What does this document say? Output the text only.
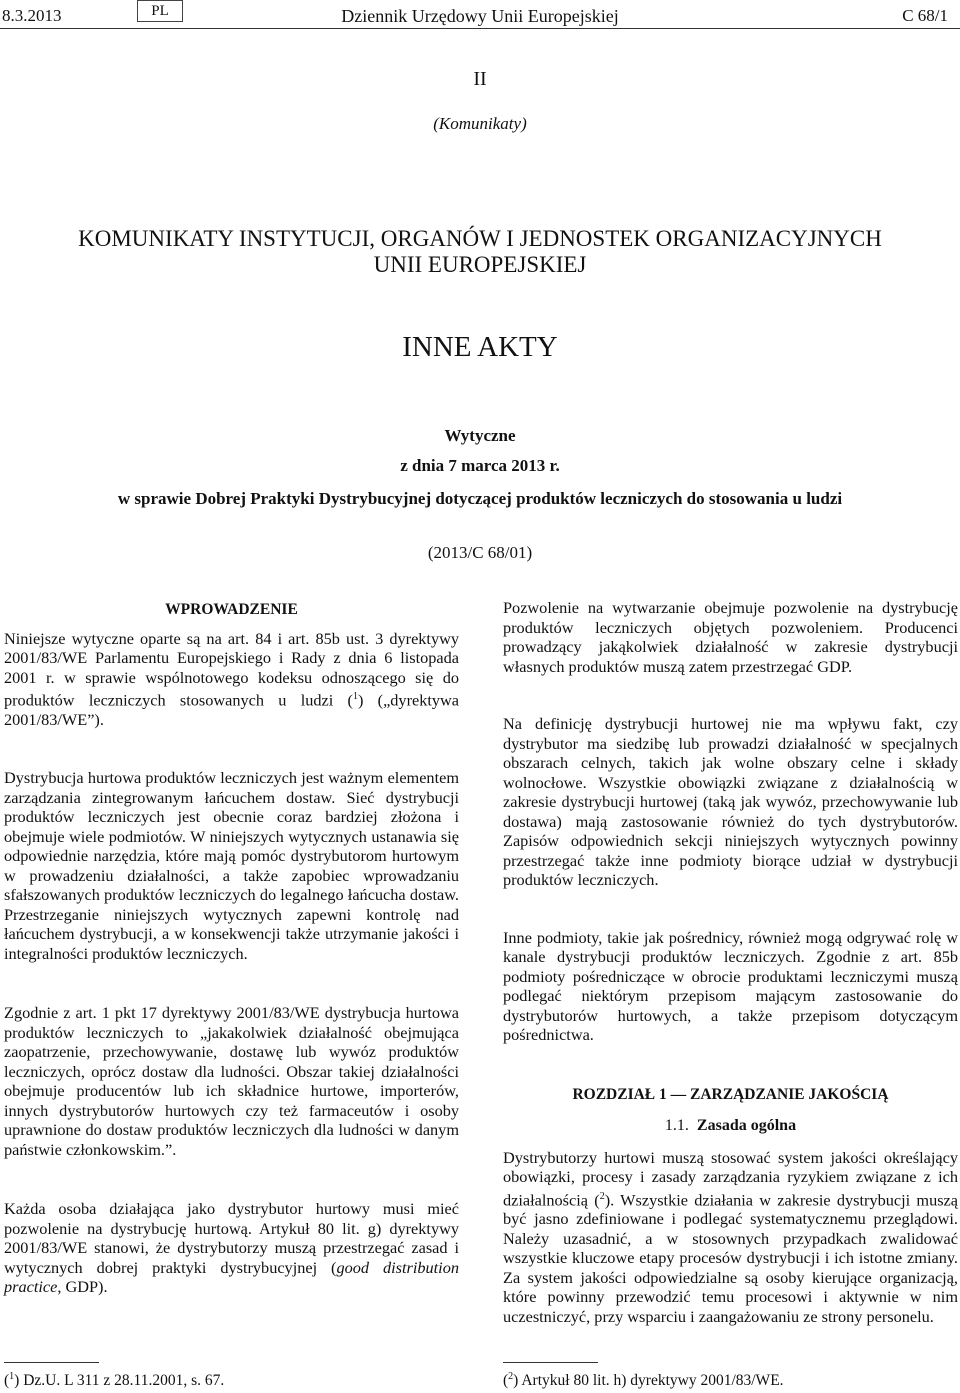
Dziennik Urzędowy Unii Europejskiej
8.3.2013	PL	C 68/1
II
(Komunikaty)
KOMUNIKATY INSTYTUCJI, ORGANÓW I JEDNOSTEK ORGANIZACYJNYCH
UNII EUROPEJSKIEJ
INNE AKTY
Wytyczne
z dnia 7 marca 2013 r.
w sprawie Dobrej Praktyki Dystrybucyjnej dotyczącej produktów leczniczych do stosowania u ludzi
(2013/C 68/01)
WPROWADZENIE

Niniejsze wytyczne oparte są na art. 84 i art. 85b ust. 3 dyrektywy 2001/83/WE Parlamentu Europejskiego i Rady z dnia 6 listopada 2001 r. w sprawie wspólnotowego kodeksu odnoszącego się do produktów leczniczych stosowanych u ludzi ($^1$) („dyrektywa 2001/83/WE”).

Dystrybucja hurtowa produktów leczniczych jest ważnym elementem zarządzania zintegrowanym łańcuchem dostaw. Sieć dystrybucji produktów leczniczych jest obecnie coraz bardziej złożona i obejmuje wiele podmiotów. W niniejszych wytycznych ustanawia się odpowiednie narzędzia, które mają pomóc dystrybutorom hurtowym w prowadzeniu działalności, a także zapobiec wprowadzaniu sfałszowanych produktów leczniczych do legalnego łańcucha dostaw. Przestrzeganie niniejszych wytycznych zapewni kontrolę nad łańcuchem dystrybucji, a w konsekwencji także utrzymanie jakości i integralności produktów leczniczych.

Zgodnie z art. 1 pkt 17 dyrektywy 2001/83/WE dystrybucja hurtowa produktów leczniczych to „jakakolwiek działalność obejmująca zaopatrzenie, przechowywanie, dostawę lub wywóz produktów leczniczych, oprócz dostaw dla ludności. Obszar takiej działalności obejmuje producentów lub ich składnice hurtowe, importerów, innych dystrybutorów hurtowych czy też farmaceutów i osoby uprawnione do dostaw produktów leczniczych dla ludności w danym państwie członkowskim.”.

Każda osoba działająca jako dystrybutor hurtowy musi mieć pozwolenie na dystrybucję hurtową. Artykuł 80 lit. g) dyrektywy 2001/83/WE stanowi, że dystrybutorzy muszą przestrzegać zasad i wytycznych dobrej praktyki dystrybucyjnej (good distribution practice, GDP).

($^1$) Dz.U. L 311 z 28.11.2001, s. 67.

Pozwolenie na wytwarzanie obejmuje pozwolenie na dystrybucję produktów leczniczych objętych pozwoleniem. Producenci prowadzący jakąkolwiek działalność w zakresie dystrybucji własnych produktów muszą zatem przestrzegać GDP.

Na definicję dystrybucji hurtowej nie ma wpływu fakt, czy dystrybutor ma siedzibę lub prowadzi działalność w specjalnych obszarach celnych, takich jak wolne obszary celne i składy wolnocłowe. Wszystkie obowiązki związane z działalnością w zakresie dystrybucji hurtowej (taką jak wywóz, przechowywanie lub dostawa) mają zastosowanie również do tych dystrybutorów. Zapisów odpowiednich sekcji niniejszych wytycznych powinny przestrzegać także inne podmioty biorące udział w dystrybucji produktów leczniczych.

Inne podmioty, takie jak pośrednicy, również mogą odgrywać rolę w kanale dystrybucji produktów leczniczych. Zgodnie z art. 85b podmioty pośredniczące w obrocie produktami leczniczymi muszą podlegać niektórym przepisom mającym zastosowanie do dystrybutorów hurtowych, a także przepisom dotyczącym pośrednictwa.

ROZDZIAŁ 1 — ZARZĄDZANIE JAKOŚCIĄ
1.1. Zasada ogólna

Dystrybutorzy hurtowi muszą stosować system jakości określający obowiązki, procesy i zasady zarządzania ryzykiem związane z ich działalnością ($^2$). Wszystkie działania w zakresie dystrybucji muszą być jasno zdefiniowane i podlegać systematycznemu przeglądowi. Należy uzasadnić, a w stosownych przypadkach zwalidować wszystkie kluczowe etapy procesów dystrybucji i ich istotne zmiany. Za system jakości odpowiedzialne są osoby kierujące organizacją, które powinny przewodzić temu procesowi i aktywnie w nim uczestniczyć, przy wsparciu i zaangażowaniu ze strony personelu.

($^2$) Artykuł 80 lit. h) dyrektywy 2001/83/WE.
